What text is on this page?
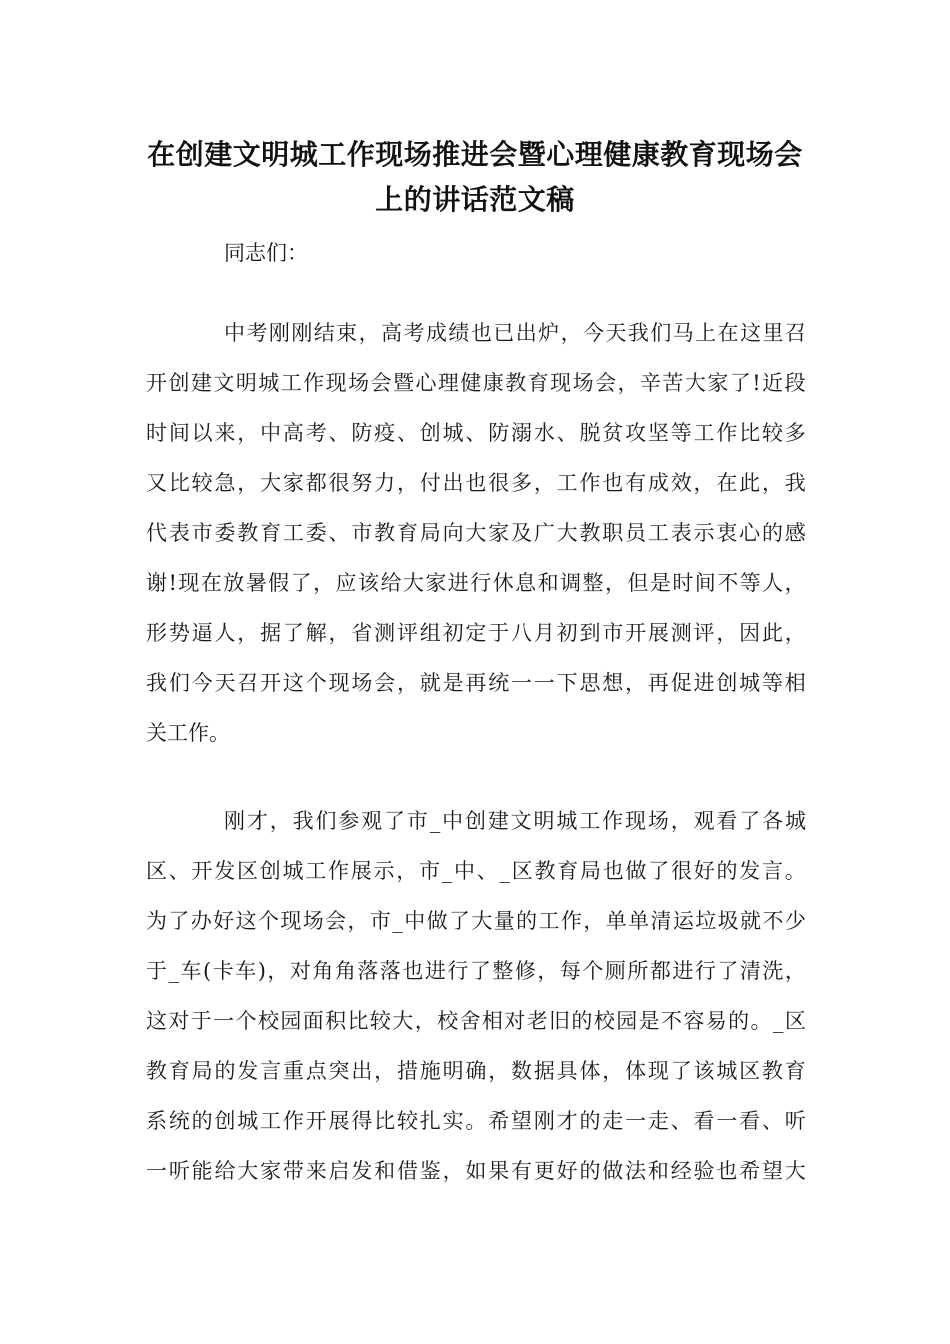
在创建文明城工作现场推进会暨心理健康教育现场会
上的讲话范文稿
同志们：
中 考 刚 刚 结 束 ， 高 考 成 绩 也 已 出 炉 ， 今 天 我 们 马 上 在 这 里 召
开 创 建 文 明 城 工 作 现 场 会 暨 心 理 健 康 教 育 现 场 会 ， 辛 苦 大 家 了 ! 近 段
时 间 以 来 ， 中 高 考 、 防 疫 、 创 城 、 防 溺 水 、 脱 贫 攻 坚 等 工 作 比 较 多
又 比 较 急 ， 大 家 都 很 努 力 ， 付 出 也 很 多 ， 工 作 也 有 成 效 ， 在 此 ， 我
代 表 市 委 教 育 工 委 、 市 教 育 局 向 大 家 及 广 大 教 职 员 工 表 示 衷 心 的 感
谢 ! 现 在 放 暑 假 了 ， 应 该 给 大 家 进 行 休 息 和 调 整 ， 但 是 时 间 不 等 人 ，
形 势 逼 人 ， 据 了 解 ， 省 测 评 组 初 定 于 八 月 初 到 市 开 展 测 评 ， 因 此 ，
我 们 今 天 召 开 这 个 现 场 会 ， 就 是 再 统 一 一 下 思 想 ， 再 促 进 创 城 等 相
关工作。
刚 才 ， 我 们 参 观 了 市 _ 中 创 建 文 明 城 工 作 现 场 ， 观 看 了 各 城
区 、 开 发 区 创 城 工 作 展 示 ， 市 _ 中 、 _ 区 教 育 局 也 做 了 很 好 的 发 言 。
为 了 办 好 这 个 现 场 会 ， 市 _ 中 做 了 大 量 的 工 作 ， 单 单 清 运 垃 圾 就 不 少
于 _ 车 ( 卡 车 ) ， 对 角 角 落 落 也 进 行 了 整 修 ， 每 个 厕 所 都 进 行 了 清 洗 ，
这 对 于 一 个 校 园 面 积 比 较 大 ， 校 舍 相 对 老 旧 的 校 园 是 不 容 易 的 。 _ 区
教 育 局 的 发 言 重 点 突 出 ， 措 施 明 确 ， 数 据 具 体 ， 体 现 了 该 城 区 教 育
系 统 的 创 城 工 作 开 展 得 比 较 扎 实 。 希 望 刚 才 的 走 一 走 、 看 一 看 、 听
一 听 能 给 大 家 带 来 启 发 和 借 鉴 ， 如 果 有 更 好 的 做 法 和 经 验 也 希 望 大
